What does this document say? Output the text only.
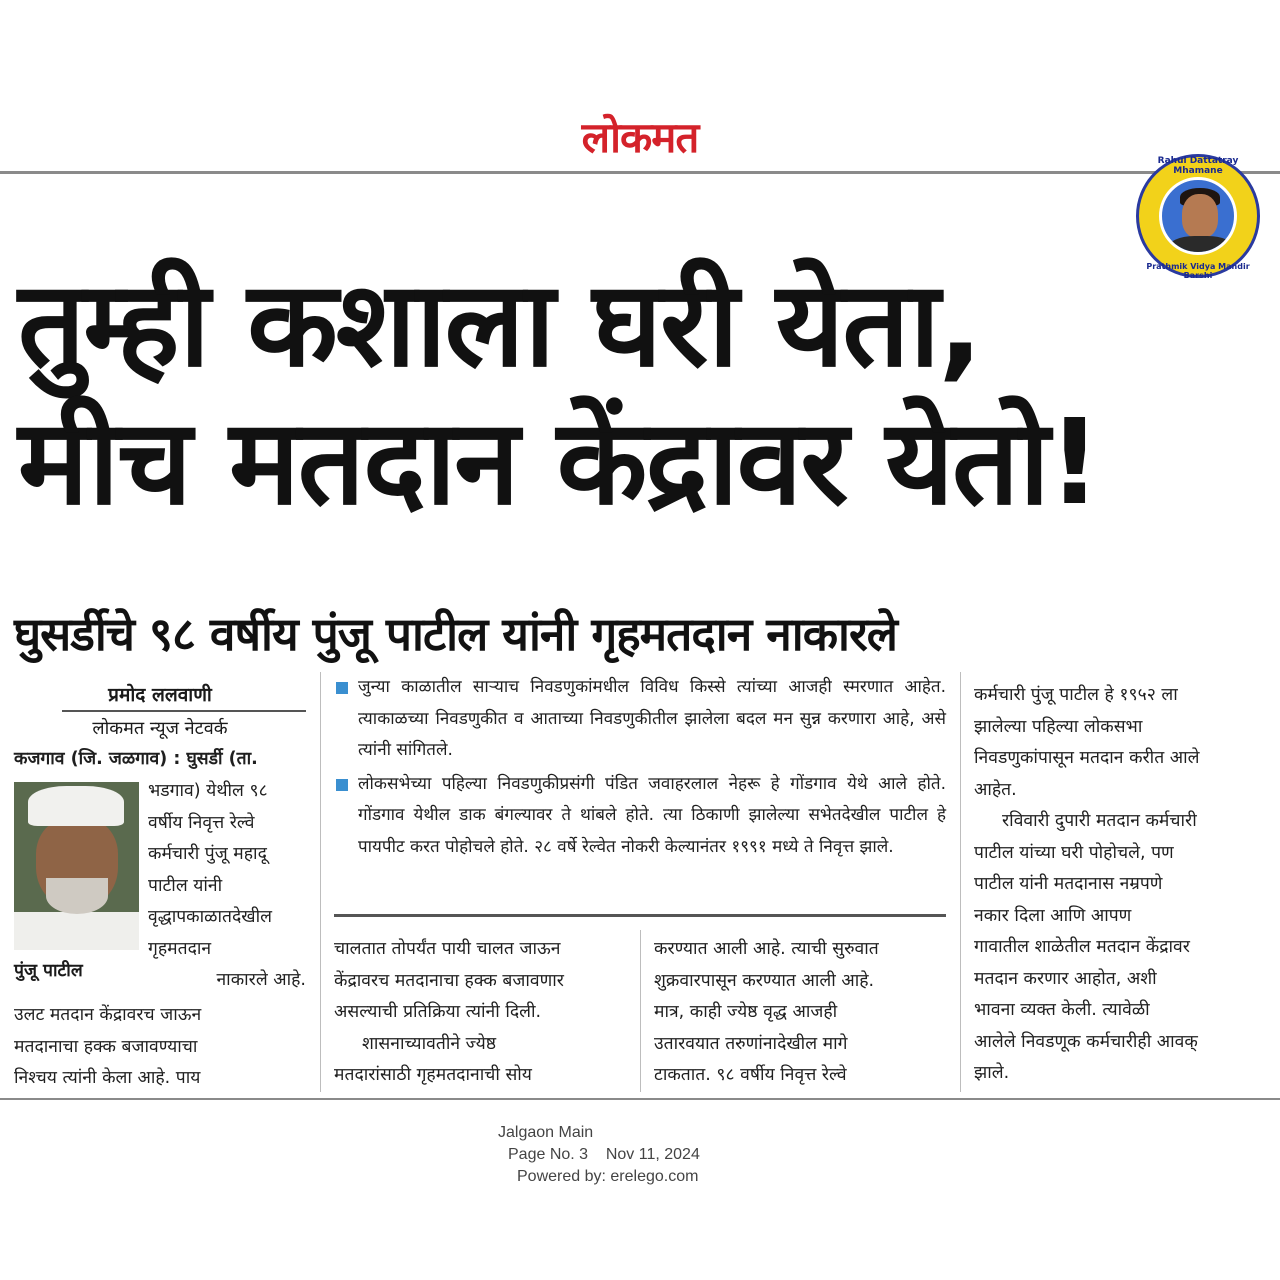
लोकमत	Rahul Dattatray Mhamane
Prathmik Vidya Mandir Barshi
तुम्ही कशाला घरी येता,
मीच मतदान केंद्रावर येतो!
घुसर्डीचे ९८ वर्षीय पुंजू पाटील यांनी गृहमतदान नाकारले
प्रमोद ललवाणी
लोकमत न्यूज नेटवर्क
कजगाव (जि. जळगाव) : घुसर्डी (ता.
पुंजू पाटील
भडगाव) येथील ९८
वर्षीय निवृत्त रेल्वे
कर्मचारी पुंजू महादू
पाटील यांनी
वृद्धापकाळातदेखील
गृहमतदान
नाकारले आहे.
उलट मतदान केंद्रावरच जाऊन
मतदानाचा हक्क बजावण्याचा
निश्चय त्यांनी केला आहे. पाय
जुन्या काळातील साऱ्याच निवडणुकांमधील विविध किस्से त्यांच्या आजही स्मरणात आहेत. त्याकाळच्या निवडणुकीत व आताच्या निवडणुकीतील झालेला बदल मन सुन्न करणारा आहे, असे त्यांनी सांगितले.
लोकसभेच्या पहिल्या निवडणुकीप्रसंगी पंडित जवाहरलाल नेहरू हे गोंडगाव येथे आले होते. गोंडगाव येथील डाक बंगल्यावर ते थांबले होते. त्या ठिकाणी झालेल्या सभेतदेखील पाटील हे पायपीट करत पोहोचले होते. २८ वर्षे रेल्वेत नोकरी केल्यानंतर १९९१ मध्ये ते निवृत्त झाले.
चालतात तोपर्यंत पायी चालत जाऊन
केंद्रावरच मतदानाचा हक्क बजावणार
असल्याची प्रतिक्रिया त्यांनी दिली.
शासनाच्यावतीने ज्येष्ठ
मतदारांसाठी गृहमतदानाची सोय
करण्यात आली आहे. त्याची सुरुवात
शुक्रवारपासून करण्यात आली आहे.
मात्र, काही ज्येष्ठ वृद्ध आजही
उतारवयात तरुणांनादेखील मागे
टाकतात. ९८ वर्षीय निवृत्त रेल्वे
कर्मचारी पुंजू पाटील हे १९५२ ला
झालेल्या पहिल्या लोकसभा
निवडणुकांपासून मतदान करीत आले
आहेत.
रविवारी दुपारी मतदान कर्मचारी
पाटील यांच्या घरी पोहोचले, पण
पाटील यांनी मतदानास नम्रपणे
नकार दिला आणि आपण
गावातील शाळेतील मतदान केंद्रावर
मतदान करणार आहोत, अशी
भावना व्यक्त केली. त्यावेळी
आलेले निवडणूक कर्मचारीही आवक्
झाले.
Jalgaon Main
Page No. 3 Nov 11, 2024
Powered by: erelego.com
